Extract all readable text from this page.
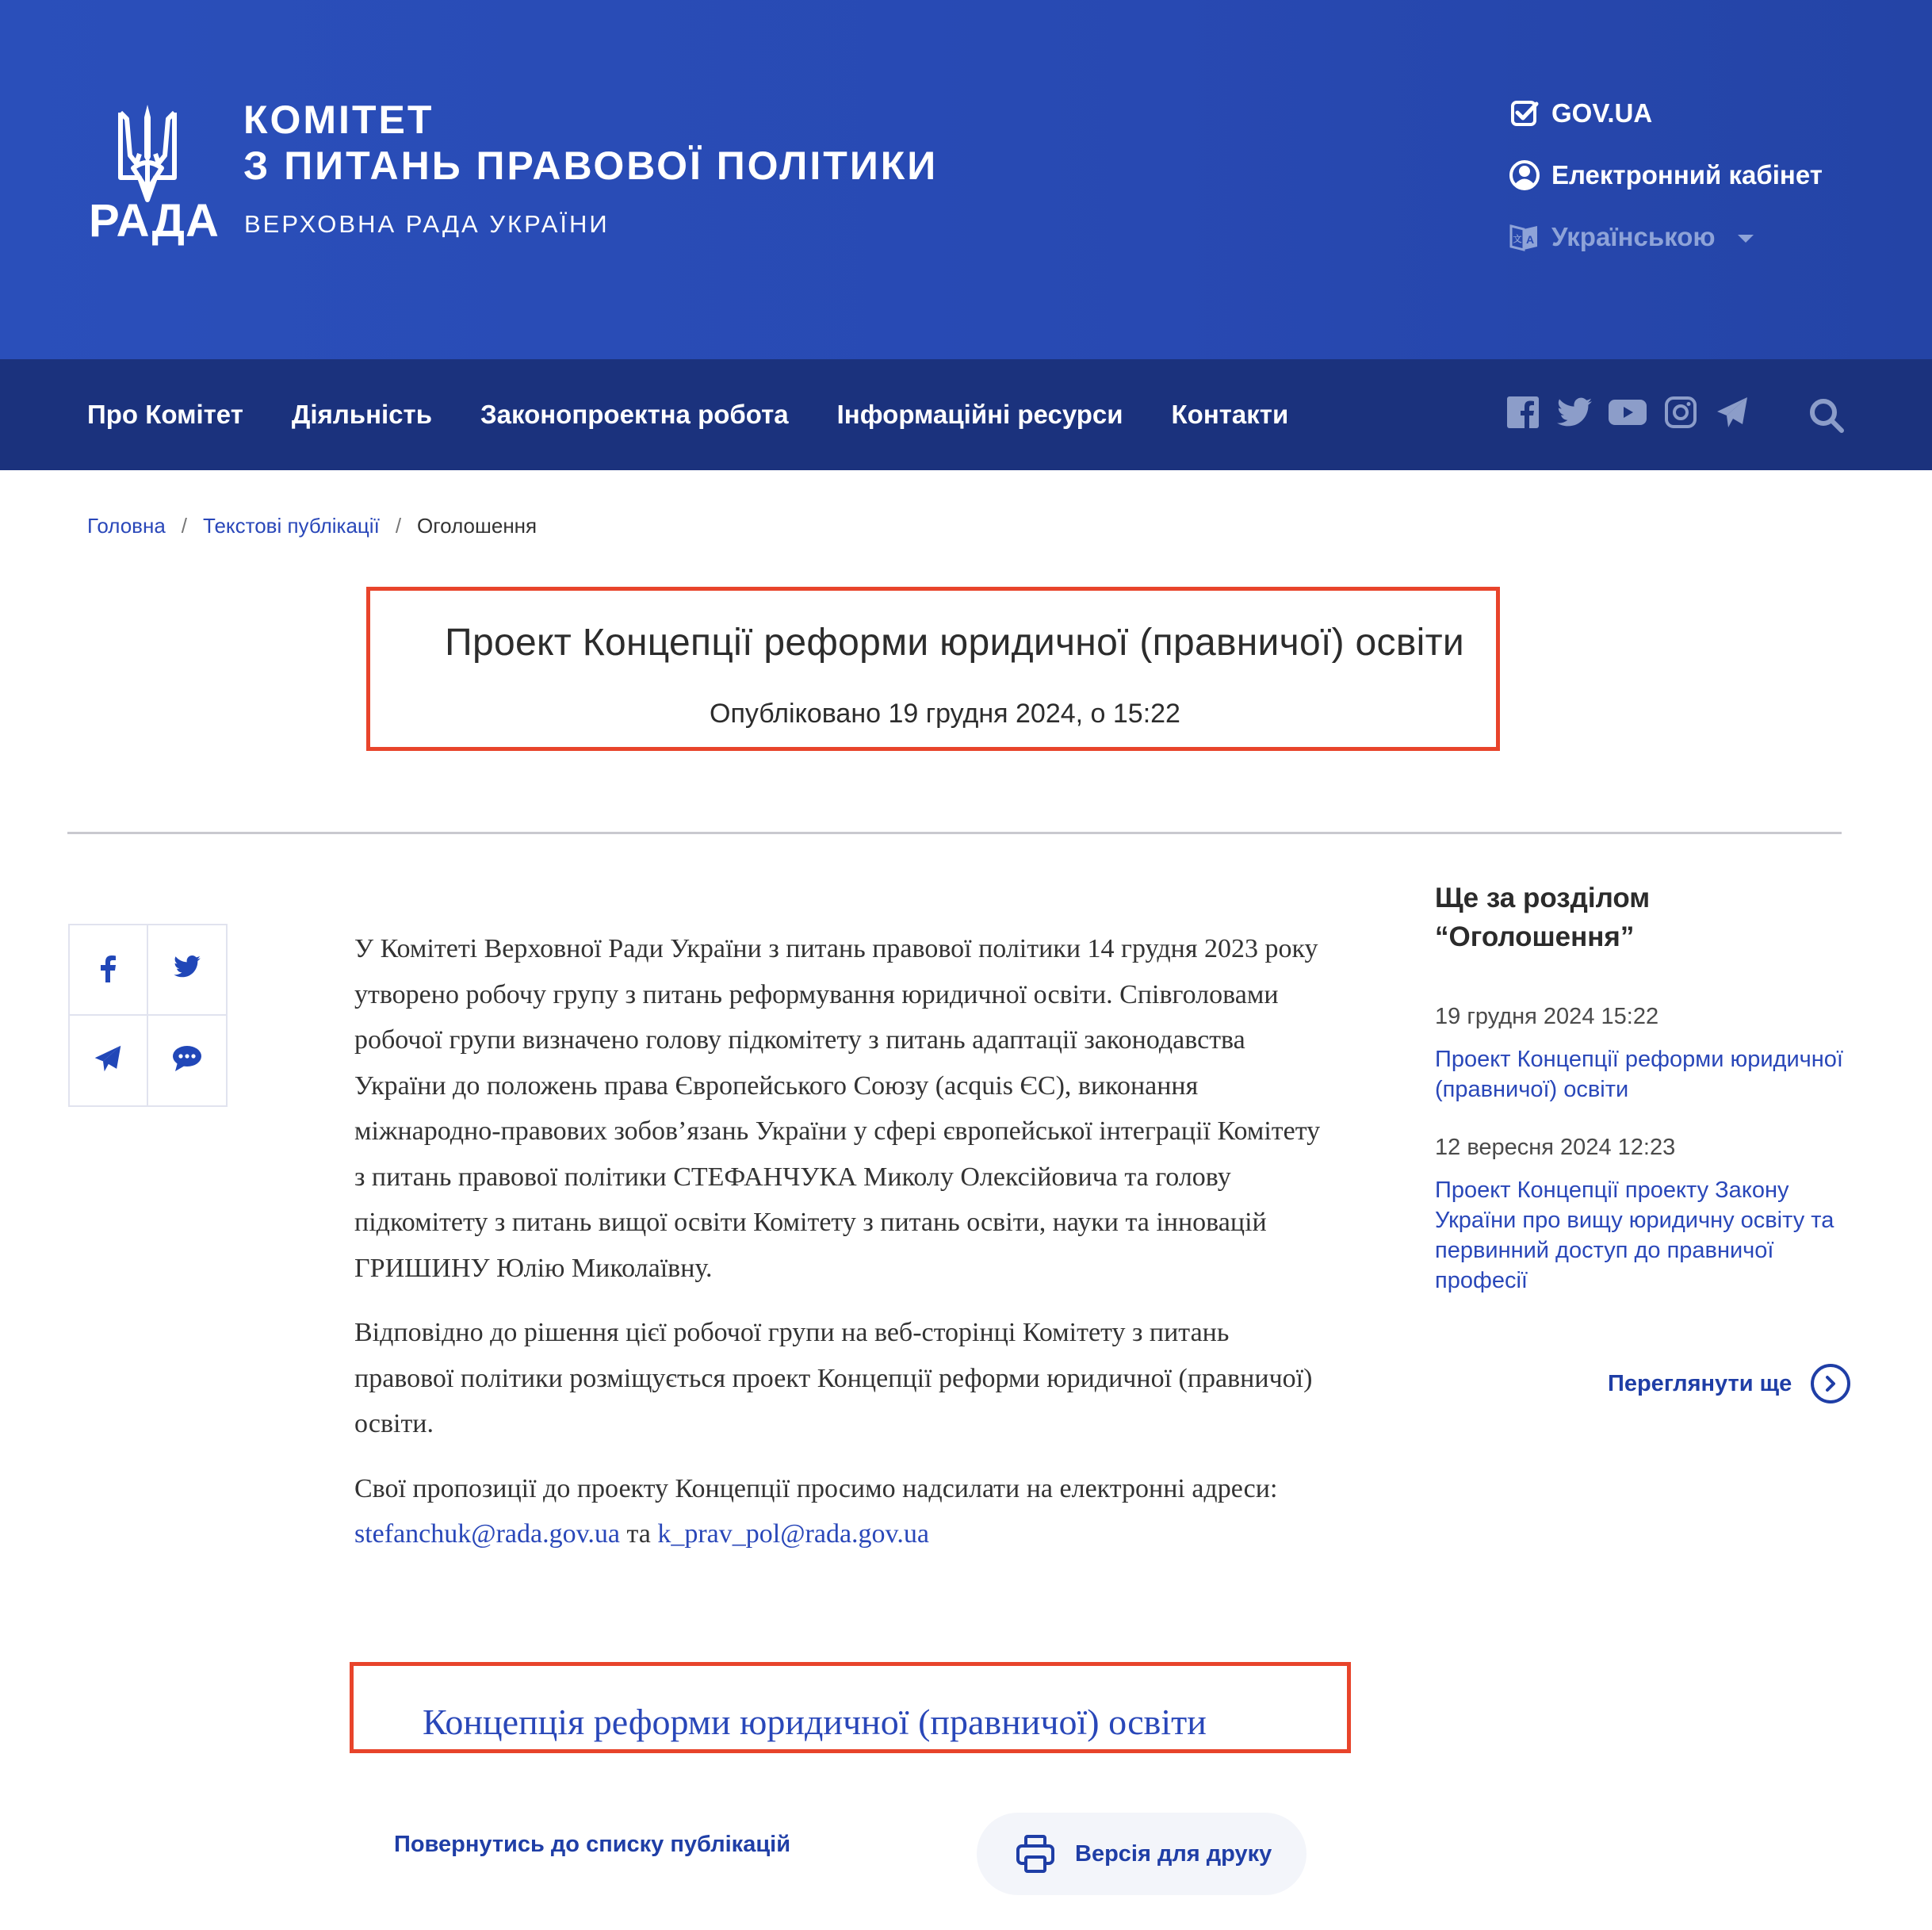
РАДА
КОМІТЕТ
З ПИТАНЬ ПРАВОВОЇ ПОЛІТИКИ
ВЕРХОВНА РАДА УКРАЇНИ
GOV.UA
Електронний кабінет
A
文 Українською
Про Комітет Діяльність Законопроектна робота Інформаційні ресурси Контакти
Головна / Текстові публікації / Оголошення
Проект Концепції реформи юридичної (правничої) освіти
Опубліковано 19 грудня 2024, о 15:22

У Комітеті Верховної Ради України з питань правової політики 14 грудня 2023 року утворено робочу групу з питань реформування юридичної освіти. Співголовами робочої групи визначено голову підкомітету з питань адаптації законодавства України до положень права Європейського Союзу (acquis ЄС), виконання міжнародно-правових зобов’язань України у сфері європейської інтеграції Комітету з питань правової політики СТЕФАНЧУКА Миколу Олексійовича та голову підкомітету з питань вищої освіти Комітету з питань освіти, науки та інновацій ГРИШИНУ Юлію Миколаївну.

Відповідно до рішення цієї робочої групи на веб-сторінці Комітету з питань правової політики розміщується проект Концепції реформи юридичної (правничої) освіти.

Свої пропозиції до проекту Концепції просимо надсилати на електронні адреси: stefanchuk@rada.gov.ua та k_prav_pol@rada.gov.ua

Ще за розділом
“Оголошення”
19 грудня 2024 15:22
Проект Концепції реформи юридичної (правничої) освіти
12 вересня 2024 12:23
Проект Концепції проекту Закону України про вищу юридичну освіту та первинний доступ до правничої професії
Переглянути ще
Концепція реформи юридичної (правничої) освіти
Повернутись до списку публікацій	Версія для друку
